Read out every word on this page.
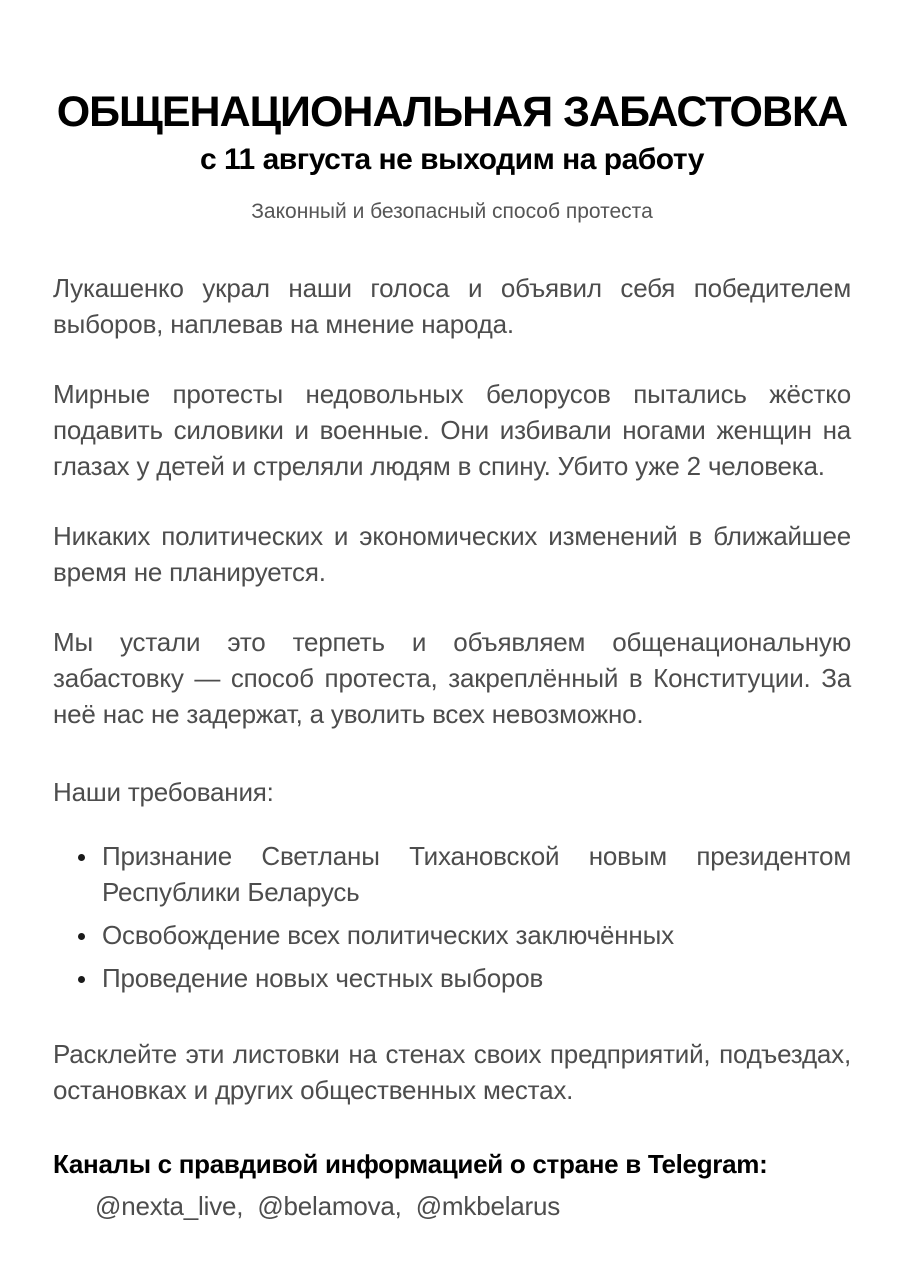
ОБЩЕНАЦИОНАЛЬНАЯ ЗАБАСТОВКА
с 11 августа не выходим на работу

Законный и безопасный способ протеста

Лукашенко украл наши голоса и объявил себя победителем выборов, наплевав на мнение народа.

Мирные протесты недовольных белорусов пытались жёстко подавить силовики и военные. Они избивали ногами женщин на глазах у детей и стреляли людям в спину. Убито уже 2 человека.

Никаких политических и экономических изменений в ближайшее время не планируется.

Мы устали это терпеть и объявляем общенациональную забастовку — способ протеста, закреплённый в Конституции. За неё нас не задержат, а уволить всех невозможно.

Наши требования:

• Признание Светланы Тихановской новым президентом Республики Беларусь
• Освобождение всех политических заключённых
• Проведение новых честных выборов

Расклейте эти листовки на стенах своих предприятий, подъездах, остановках и других общественных местах.

Каналы с правдивой информацией о стране в Telegram:

@nexta_live,  @belamova,  @mkbelarus
